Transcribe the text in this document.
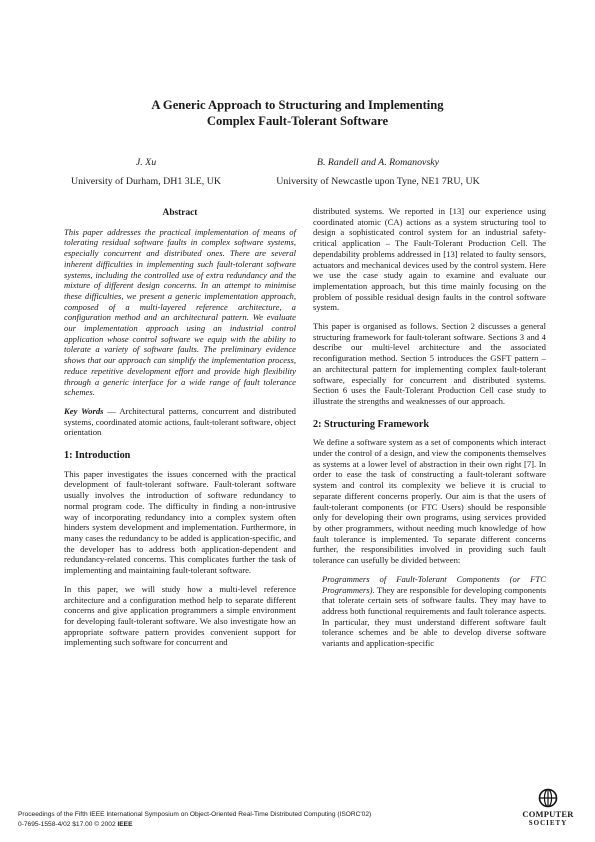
A Generic Approach to Structuring and Implementing
Complex Fault-Tolerant Software
J. Xu
University of Durham, DH1 3LE, UK
B. Randell and A. Romanovsky
University of Newcastle upon Tyne, NE1 7RU, UK
Abstract

This paper addresses the practical implementation of means of tolerating residual software faults in complex software systems, especially concurrent and distributed ones. There are several inherent difficulties in implementing such fault-tolerant software systems, including the controlled use of extra redundancy and the mixture of different design concerns. In an attempt to minimise these difficulties, we present a generic implementation approach, composed of a multi-layered reference architecture, a configuration method and an architectural pattern. We evaluate our implementation approach using an industrial control application whose control software we equip with the ability to tolerate a variety of software faults. The preliminary evidence shows that our approach can simplify the implementation process, reduce repetitive development effort and provide high flexibility through a generic interface for a wide range of fault tolerance schemes.

Key Words — Architectural patterns, concurrent and distributed systems, coordinated atomic actions, fault-tolerant software, object orientation

1: Introduction

This paper investigates the issues concerned with the practical development of fault-tolerant software. Fault-tolerant software usually involves the introduction of software redundancy to normal program code. The difficulty in finding a non-intrusive way of incorporating redundancy into a complex system often hinders system development and implementation. Furthermore, in many cases the redundancy to be added is application-specific, and the developer has to address both application-dependent and redundancy-related concerns. This complicates further the task of implementing and maintaining fault-tolerant software.

In this paper, we will study how a multi-level reference architecture and a configuration method help to separate different concerns and give application programmers a simple environment for developing fault-tolerant software. We also investigate how an appropriate software pattern provides convenient support for implementing such software for concurrent and

distributed systems. We reported in [13] our experience using coordinated atomic (CA) actions as a system structuring tool to design a sophisticated control system for an industrial safety-critical application – The Fault-Tolerant Production Cell. The dependability problems addressed in [13] related to faulty sensors, actuators and mechanical devices used by the control system. Here we use the case study again to examine and evaluate our implementation approach, but this time mainly focusing on the problem of possible residual design faults in the control software system.

This paper is organised as follows. Section 2 discusses a general structuring framework for fault-tolerant software. Sections 3 and 4 describe our multi-level architecture and the associated reconfiguration method. Section 5 introduces the GSFT pattern – an architectural pattern for implementing complex fault-tolerant software, especially for concurrent and distributed systems. Section 6 uses the Fault-Tolerant Production Cell case study to illustrate the strengths and weaknesses of our approach.

2: Structuring Framework

We define a software system as a set of components which interact under the control of a design, and view the components themselves as systems at a lower level of abstraction in their own right [7]. In order to ease the task of constructing a fault-tolerant software system and control its complexity we believe it is crucial to separate different concerns properly. Our aim is that the users of fault-tolerant components (or FTC Users) should be responsible only for developing their own programs, using services provided by other programmers, without needing much knowledge of how fault tolerance is implemented. To separate different concerns further, the responsibilities involved in providing such fault tolerance can usefully be divided between:

Programmers of Fault-Tolerant Components (or FTC Programmers). They are responsible for developing components that tolerate certain sets of software faults. They may have to address both functional requirements and fault tolerance aspects. In particular, they must understand different software fault tolerance schemes and be able to develop diverse software variants and application-specific

Proceedings of the Fifth IEEE International Symposium on Object-Oriented Real-Time Distributed Computing (ISORC'02)
0-7695-1558-4/02 $17.00 © 2002 IEEE
COMPUTER
SOCIETY
